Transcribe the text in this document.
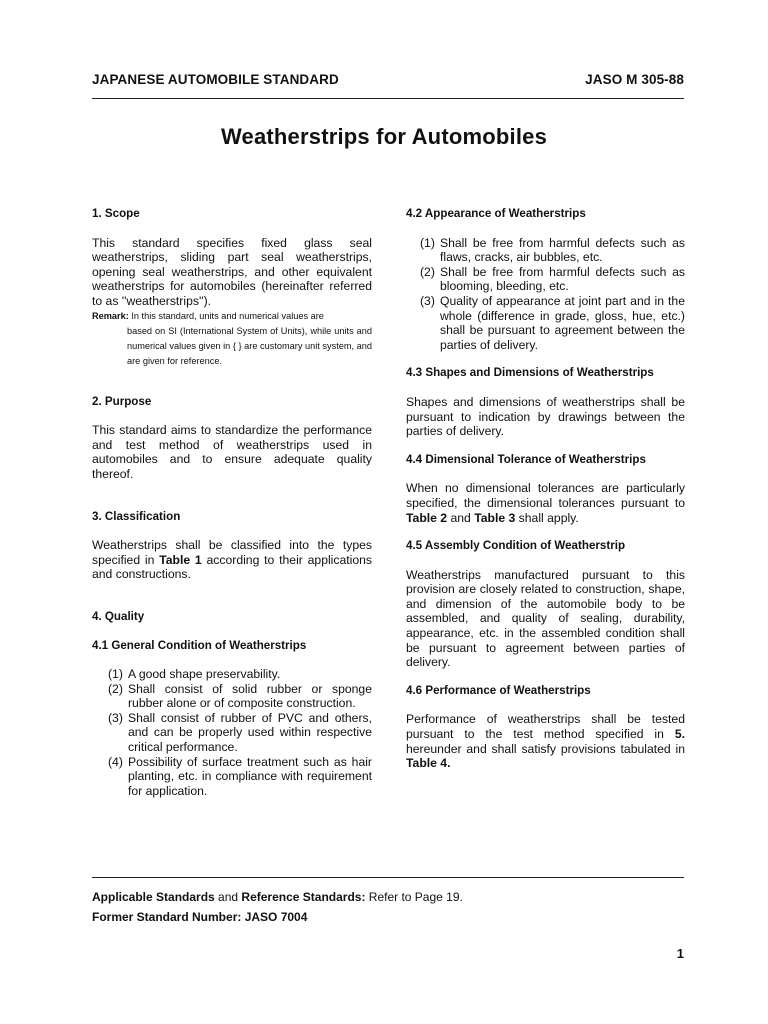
JAPANESE AUTOMOBILE STANDARD	JASO M 305-88
Weatherstrips for Automobiles
1. Scope
This standard specifies fixed glass seal weatherstrips, sliding part seal weatherstrips, opening seal weatherstrips, and other equivalent weatherstrips for automobiles (hereinafter referred to as ''weatherstrips'').
Remark: In this standard, units and numerical values are
based on SI (International System of Units), while units and numerical values given in { } are customary unit system, and are given for reference.
2. Purpose
This standard aims to standardize the performance and test method of weatherstrips used in automobiles and to ensure adequate quality thereof.
3. Classification
Weatherstrips shall be classified into the types specified in Table 1 according to their applications and constructions.
4. Quality
4.1 General Condition of Weatherstrips
(1) A good shape preservability.
(2) Shall consist of solid rubber or sponge rubber alone or of composite construction.
(3) Shall consist of rubber of PVC and others, and can be properly used within respective critical performance.
(4) Possibility of surface treatment such as hair planting, etc. in compliance with requirement for application.
4.2 Appearance of Weatherstrips
(1) Shall be free from harmful defects such as flaws, cracks, air bubbles, etc.
(2) Shall be free from harmful defects such as blooming, bleeding, etc.
(3) Quality of appearance at joint part and in the whole (difference in grade, gloss, hue, etc.) shall be pursuant to agreement between the parties of delivery.
4.3 Shapes and Dimensions of Weatherstrips
Shapes and dimensions of weatherstrips shall be pursuant to indication by drawings between the parties of delivery.
4.4 Dimensional Tolerance of Weatherstrips
When no dimensional tolerances are particularly specified, the dimensional tolerances pursuant to Table 2 and Table 3 shall apply.
4.5 Assembly Condition of Weatherstrip
Weatherstrips manufactured pursuant to this provision are closely related to construction, shape, and dimension of the automobile body to be assembled, and quality of sealing, durability, appearance, etc. in the assembled condition shall be pursuant to agreement between parties of delivery.
4.6 Performance of Weatherstrips
Performance of weatherstrips shall be tested pursuant to the test method specified in 5. hereunder and shall satisfy provisions tabulated in Table 4.
Applicable Standards and Reference Standards: Refer to Page 19.
Former Standard Number: JASO 7004
1
